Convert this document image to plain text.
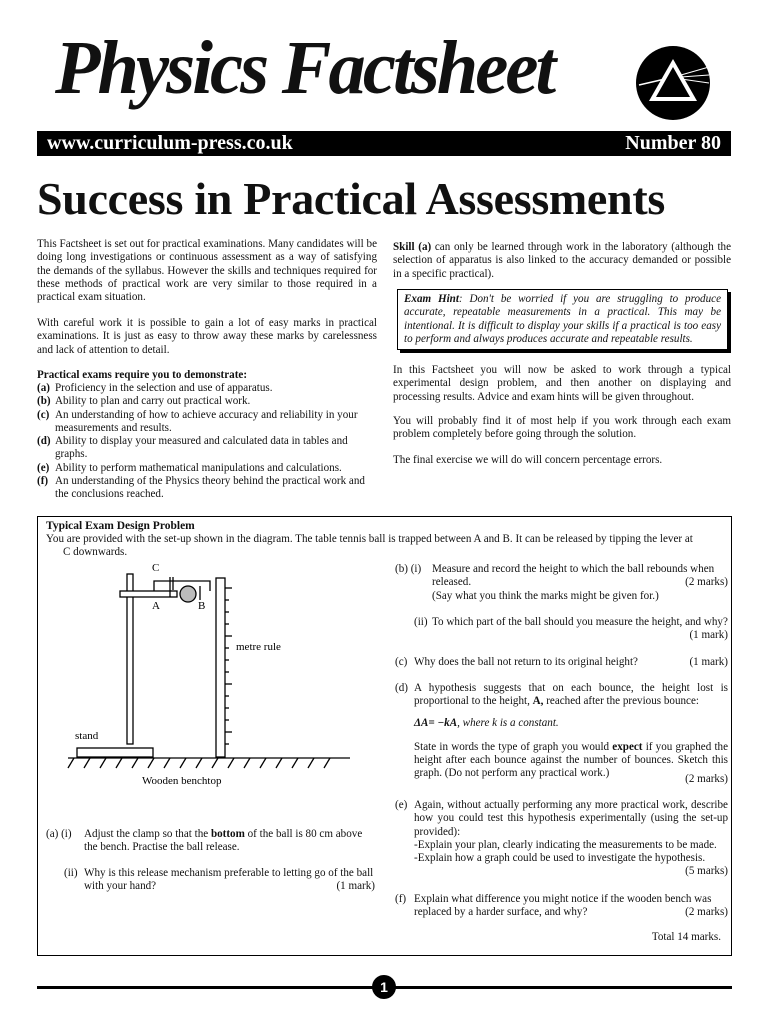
Physics Factsheet
www.curriculum-press.co.uk	Number 80
Success in Practical Assessments
This Factsheet is set out for practical examinations. Many candidates will be doing long investigations or continuous assessment as a way of satisfying the demands of the syllabus. However the skills and techniques required for these methods of practical work are very similar to those required in a practical exam situation.
With careful work it is possible to gain a lot of easy marks in practical examinations. It is just as easy to throw away these marks by carelessness and lack of attention to detail.
Practical exams require you to demonstrate:
(a) Proficiency in the selection and use of apparatus.
(b) Ability to plan and carry out practical work.
(c) An understanding of how to achieve accuracy and reliability in your measurements and results.
(d) Ability to display your measured and calculated data in tables and graphs.
(e) Ability to perform mathematical manipulations and calculations.
(f) An understanding of the Physics theory behind the practical work and the conclusions reached.
Skill (a) can only be learned through work in the laboratory (although the selection of apparatus is also linked to the accuracy demanded or possible in a specific practical).
Exam Hint: Don't be worried if you are struggling to produce accurate, repeatable measurements in a practical. This may be intentional. It is difficult to display your skills if a practical is too easy to perform and always produces accurate and repeatable results.
In this Factsheet you will now be asked to work through a typical experimental design problem, and then another on displaying and processing results. Advice and exam hints will be given throughout.
You will probably find it of most help if you work through each exam problem completely before going through the solution.
The final exercise we will do will concern percentage errors.
Typical Exam Design Problem
You are provided with the set-up shown in the diagram. The table tennis ball is trapped between A and B. It can be released by tipping the lever at
C downwards.
C
A	B
metre rule
stand
Wooden benchtop
(a) (i)	Adjust the clamp so that the bottom of the ball is 80 cm above the bench. Practise the ball release.
(ii) Why is this release mechanism preferable to letting go of the ball with your hand?	(1 mark)
(b) (i) Measure and record the height to which the ball rebounds when released.	(2 marks)
(Say what you think the marks might be given for.)
(ii) To which part of the ball should you measure the height, and why?
(1 mark)
(c) Why does the ball not return to its original height?	(1 mark)
(d) A hypothesis suggests that on each bounce, the height lost is proportional to the height, A, reached after the previous bounce:
ΔA= −kA, where k is a constant.
State in words the type of graph you would expect if you graphed the height after each bounce against the number of bounces. Sketch this graph. (Do not perform any practical work.)	(2 marks)
(e) Again, without actually performing any more practical work, describe how you could test this hypothesis experimentally (using the set-up provided):
-Explain your plan, clearly indicating the measurements to be made.
-Explain how a graph could be used to investigate the hypothesis.
(5 marks)
(f) Explain what difference you might notice if the wooden bench was replaced by a harder surface, and why?	(2 marks)
Total 14 marks.
1
